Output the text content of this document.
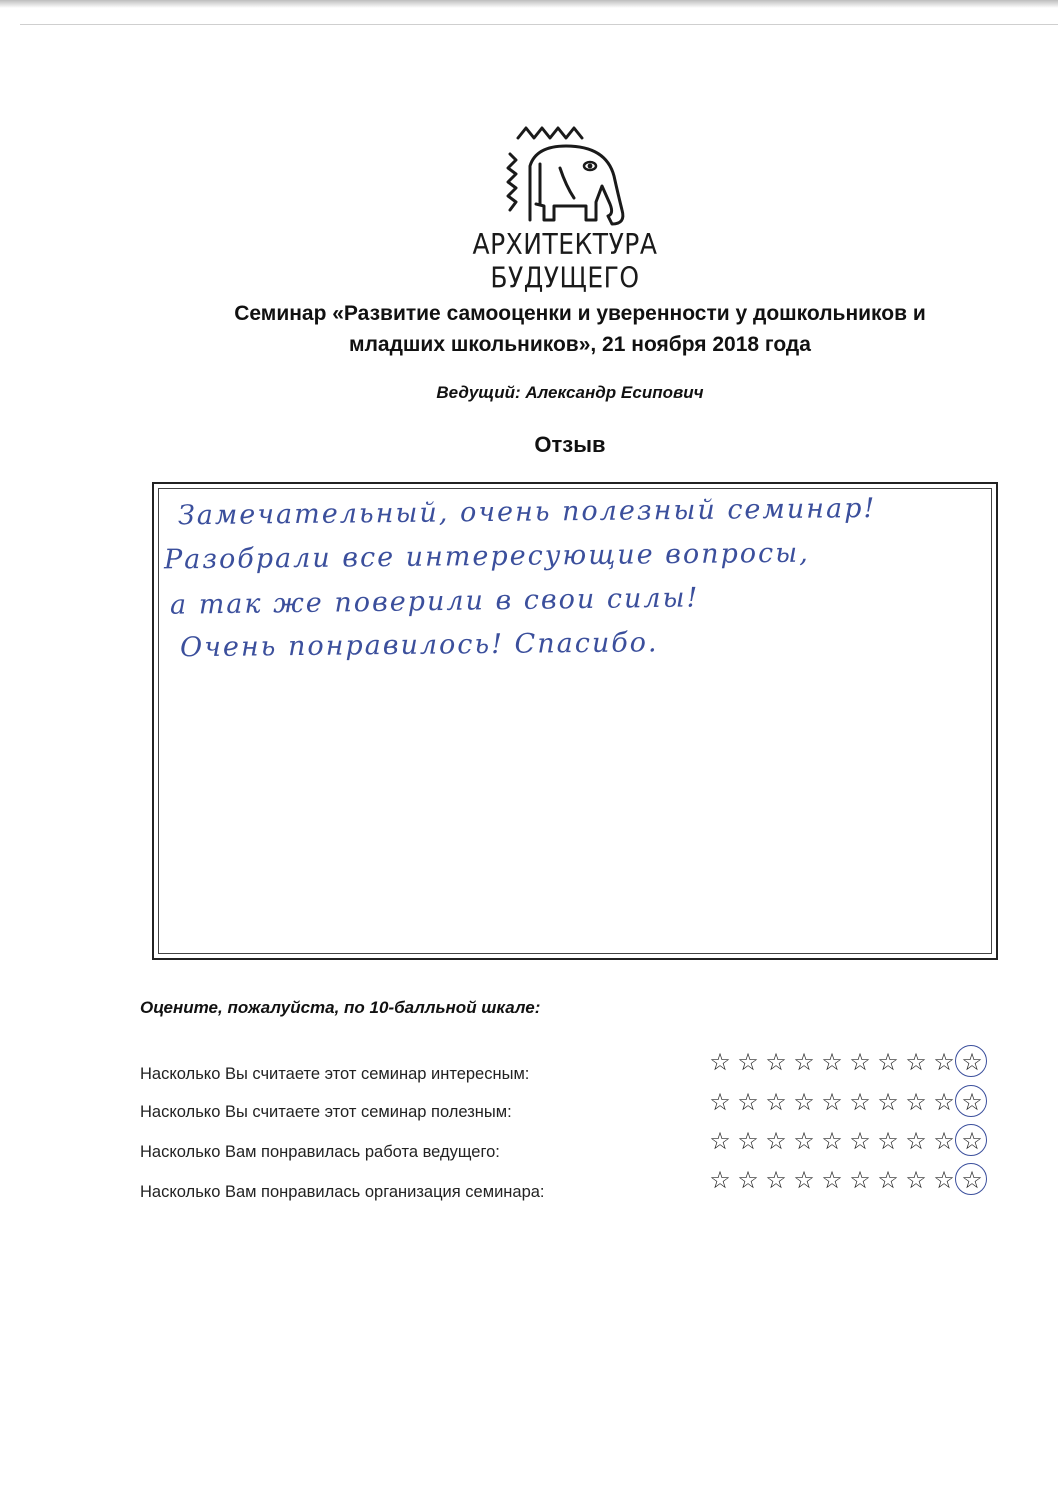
АРХИТЕКТУРА БУДУЩЕГО
Семинар «Развитие самооценки и уверенности у дошкольников и
младших школьников», 21 ноября 2018 года
Ведущий: Александр Есипович
Отзыв
Замечательный, очень полезный семинар!
Разобрали все интересующие вопросы,
а так же поверили в свои силы!
Очень понравилось! Спасибо.
Оцените, пожалуйста, по 10-балльной шкале:
Насколько Вы считаете этот семинар интересным:
Насколько Вы считаете этот семинар полезным:
Насколько Вам понравилась работа ведущего:
Насколько Вам понравилась организация семинара:
☆ ☆ ☆ ☆ ☆ ☆ ☆ ☆ ☆ ☆
☆ ☆ ☆ ☆ ☆ ☆ ☆ ☆ ☆ ☆
☆ ☆ ☆ ☆ ☆ ☆ ☆ ☆ ☆ ☆
☆ ☆ ☆ ☆ ☆ ☆ ☆ ☆ ☆ ☆
